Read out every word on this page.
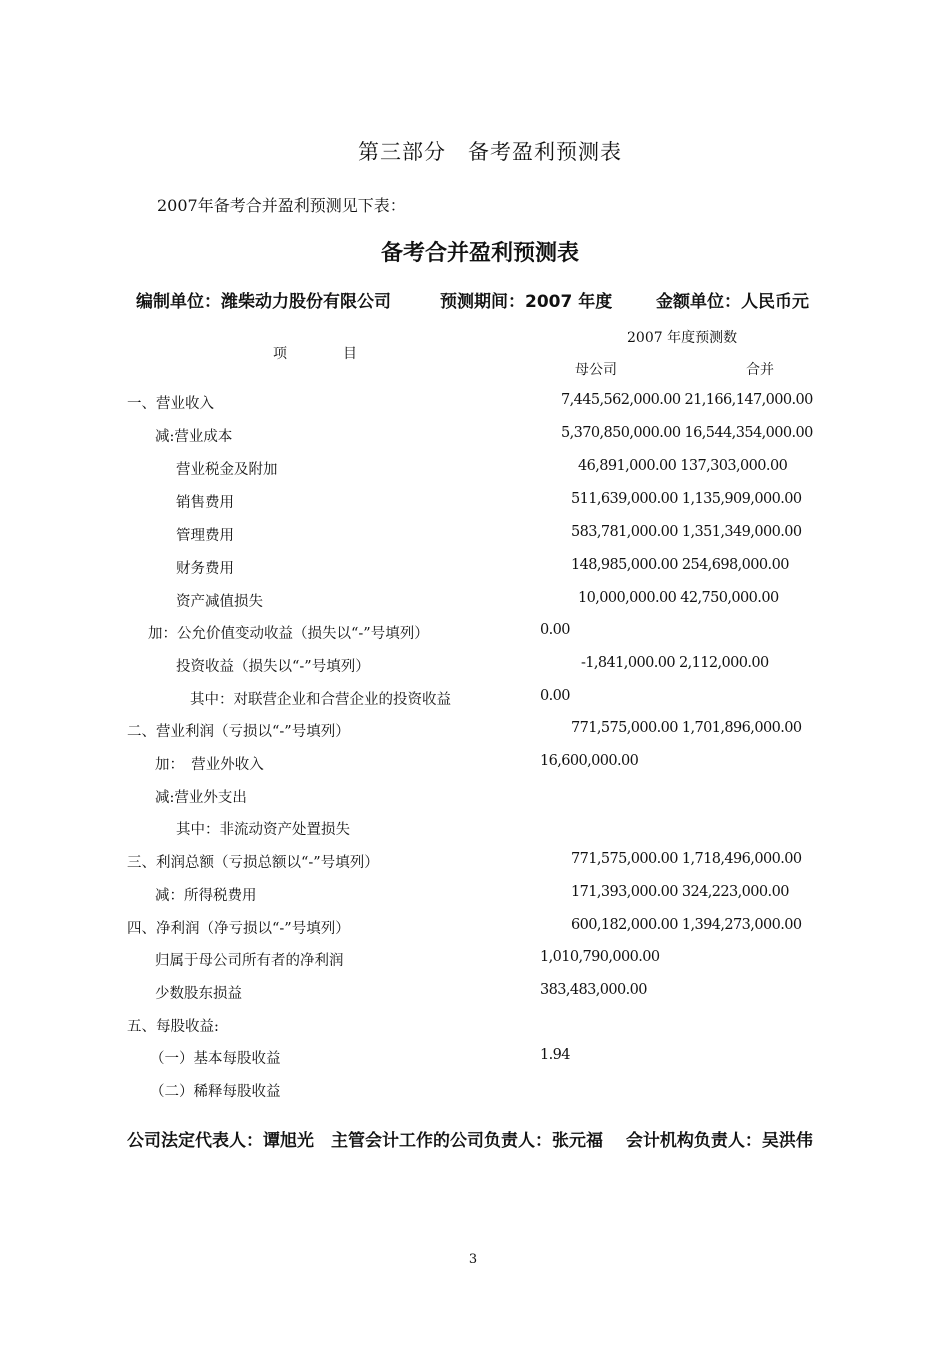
第三部分　备考盈利预测表
2007年备考合并盈利预测见下表：
备考合并盈利预测表
编制单位：潍柴动力股份有限公司	预测期间：2007 年度	金额单位：人民币元
项　　　　目
2007 年度预测数
母公司	合并
一、营业收入	7,445,562,000.00 21,166,147,000.00
减:营业成本	5,370,850,000.00 16,544,354,000.00
营业税金及附加	46,891,000.00 137,303,000.00
销售费用	511,639,000.00 1,135,909,000.00
管理费用	583,781,000.00 1,351,349,000.00
财务费用	148,985,000.00 254,698,000.00
资产减值损失	10,000,000.00 42,750,000.00
加：公允价值变动收益（损失以“-”号填列）	0.00
投资收益（损失以“-”号填列）	-1,841,000.00 2,112,000.00
其中：对联营企业和合营企业的投资收益	0.00
二、营业利润（亏损以“-”号填列）	771,575,000.00 1,701,896,000.00
加：　营业外收入	16,600,000.00
减:营业外支出
其中：非流动资产处置损失
三、利润总额（亏损总额以“-”号填列）	771,575,000.00 1,718,496,000.00
减：所得税费用	171,393,000.00 324,223,000.00
四、净利润（净亏损以“-”号填列）	600,182,000.00 1,394,273,000.00
归属于母公司所有者的净利润	1,010,790,000.00
少数股东损益	383,483,000.00
五、每股收益:
（一）基本每股收益	1.94
（二）稀释每股收益
公司法定代表人：谭旭光　主管会计工作的公司负责人：张元福　 会计机构负责人：吴洪伟
3
